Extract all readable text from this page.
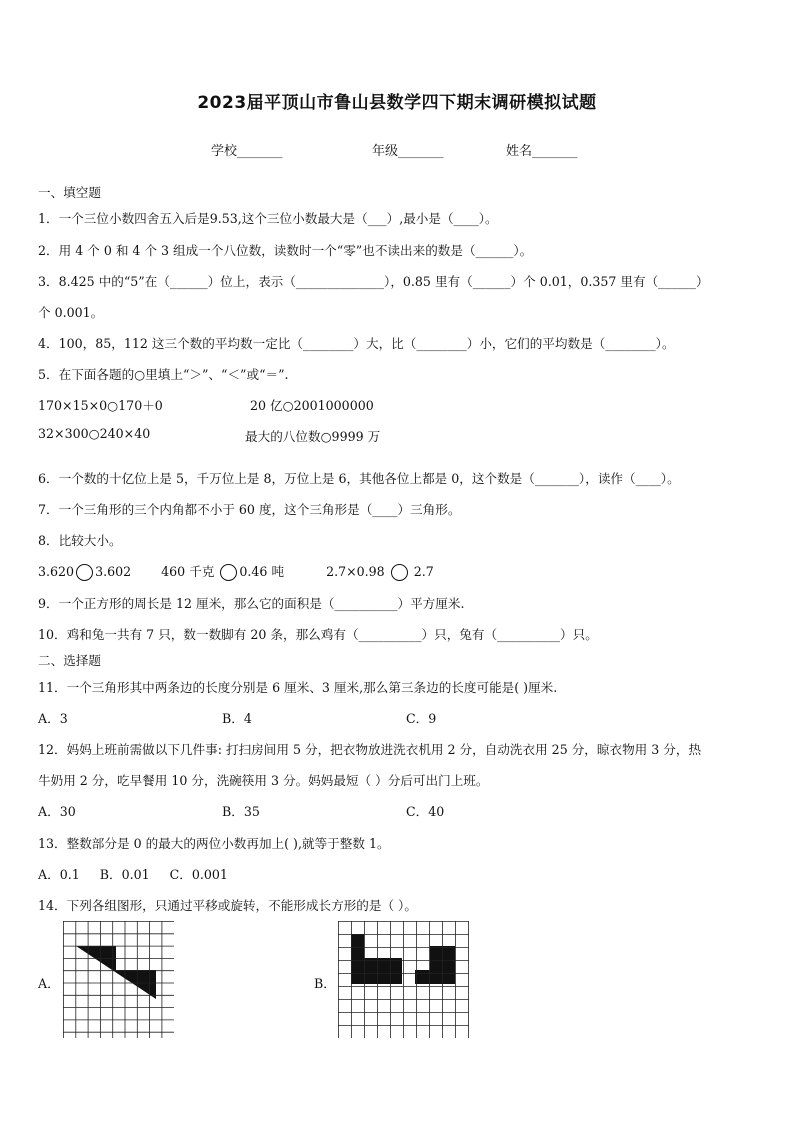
2023届平顶山市鲁山县数学四下期末调研模拟试题
学校_______	年级_______	姓名_______
一、填空题
1．一个三位小数四舍五入后是9.53,这个三位小数最大是（___）,最小是（____）。
2．用 4 个 0 和 4 个 3 组成一个八位数，读数时一个“零”也不读出来的数是（______）。
3．8.425 中的“5”在（______）位上，表示（______________），0.85 里有（______）个 0.01，0.357 里有（______）
个 0.001。
4．100，85，112 这三个数的平均数一定比（________）大，比（________）小，它们的平均数是（________）。
5．在下面各题的○里填上“＞”、“＜”或“＝”.
170×15×0○170＋0	20 亿○2001000000
32×300○240×40	最大的八位数○9999 万
6．一个数的十亿位上是 5，千万位上是 8，万位上是 6，其他各位上都是 0，这个数是（_______），读作（____）。
7．一个三角形的三个内角都不小于 60 度，这个三角形是（____）三角形。
8．比较大小。
3.620 3.602 460 千克 0.46 吨	2.7×0.98 2.7
9．一个正方形的周长是 12 厘米，那么它的面积是（__________）平方厘米.
10．鸡和兔一共有 7 只，数一数脚有 20 条，那么鸡有（__________）只，兔有（__________）只。
二、选择题
11．一个三角形其中两条边的长度分别是 6 厘米、3 厘米,那么第三条边的长度可能是( )厘米.
A．3	B．4	C．9
12．妈妈上班前需做以下几件事: 打扫房间用 5 分，把衣物放进洗衣机用 2 分，自动洗衣用 25 分，晾衣物用 3 分，热
牛奶用 2 分，吃早餐用 10 分，洗碗筷用 3 分。妈妈最短（ ）分后可出门上班。
A．30	B．35	C．40
13．整数部分是 0 的最大的两位小数再加上( ),就等于整数 1。
A．0.1     B．0.01     C．0.001
14．下列各组图形，只通过平移或旋转，不能形成长方形的是（ ）。
A．	B．
